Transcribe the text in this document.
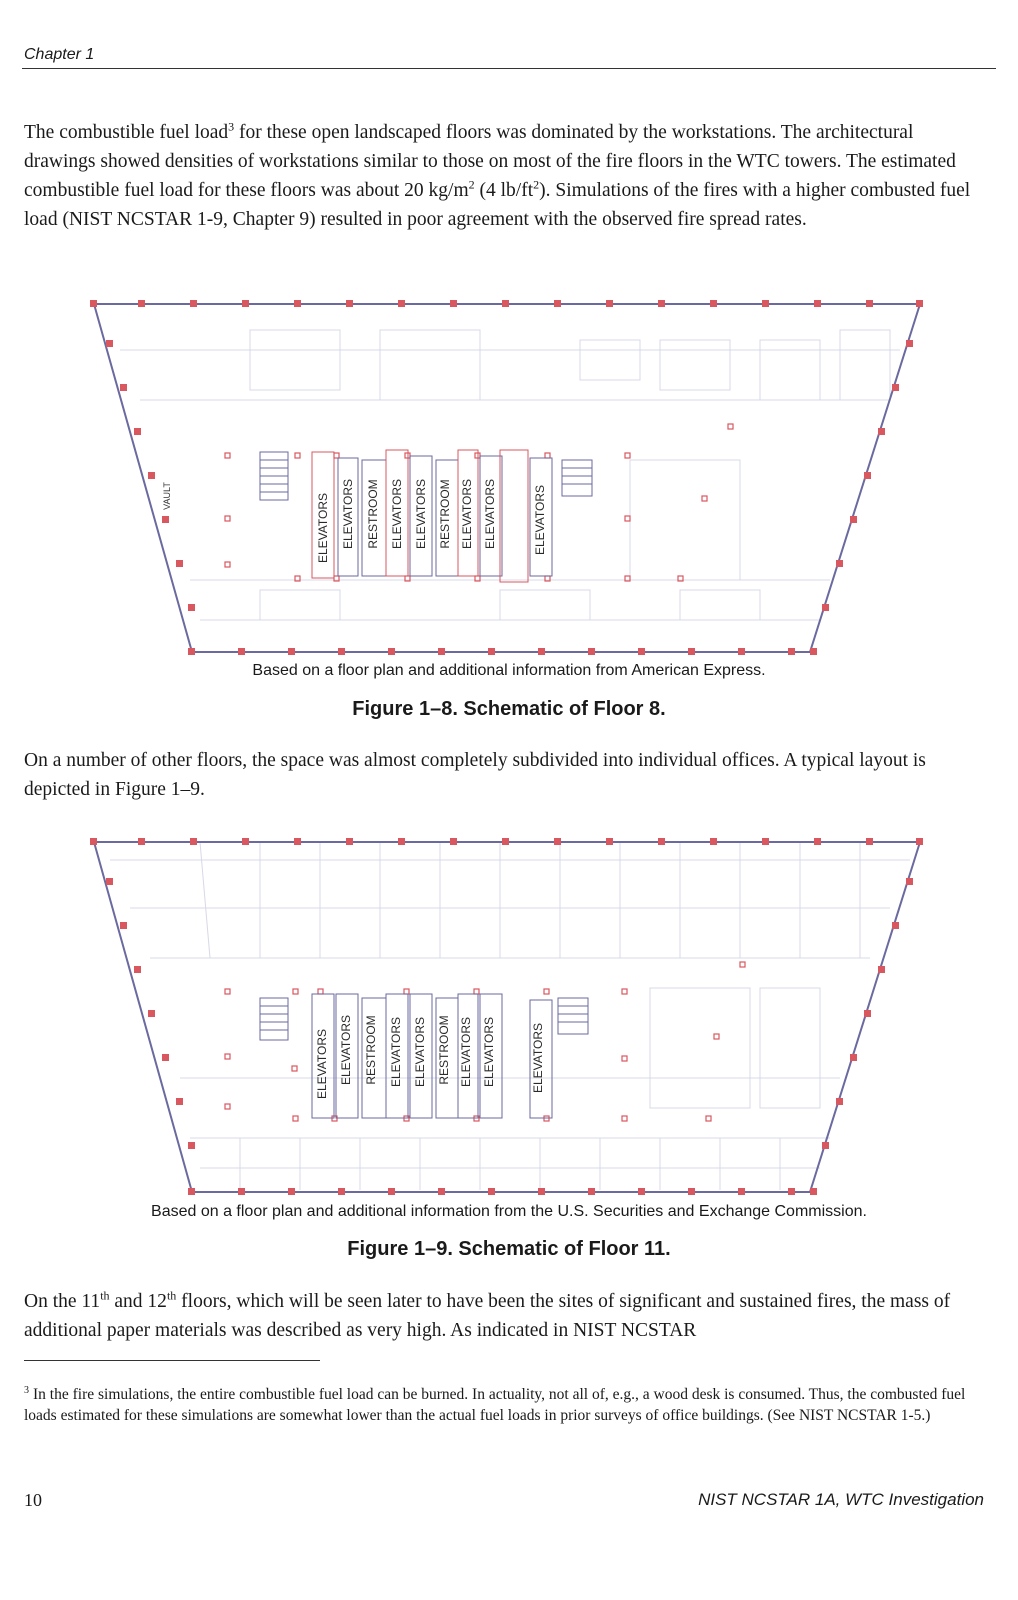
Chapter 1

The combustible fuel load$^3$ for these open landscaped floors was dominated by the workstations. The architectural drawings showed densities of workstations similar to those on most of the fire floors in the WTC towers. The estimated combustible fuel load for these floors was about 20 $kg/m^2$ (4 $lb/ft^2$). Simulations of the fires with a higher combusted fuel load (NIST NCSTAR 1-9, Chapter 9) resulted in poor agreement with the observed fire spread rates.

VAULT	ELEVATORS ELEVATORS RESTROOM ELEVATORS ELEVATORS RESTROOM ELEVATORS ELEVATORS	ELEVATORS
Based on a floor plan and additional information from American Express.
Figure 1–8. Schematic of Floor 8.

On a number of other floors, the space was almost completely subdivided into individual offices. A typical layout is depicted in Figure 1–9.

ELEVATORS ELEVATORS RESTROOM ELEVATORS ELEVATORS RESTROOM ELEVATORS ELEVATORS	ELEVATORS
Based on a floor plan and additional information from the U.S. Securities and Exchange Commission.
Figure 1–9. Schematic of Floor 11.

On the 11th and 12th floors, which will be seen later to have been the sites of significant and sustained fires, the mass of additional paper materials was described as very high. As indicated in NIST NCSTAR

$^3$ In the fire simulations, the entire combustible fuel load can be burned. In actuality, not all of, e.g., a wood desk is consumed. Thus, the combusted fuel loads estimated for these simulations are somewhat lower than the actual fuel loads in prior surveys of office buildings. (See NIST NCSTAR 1-5.)

10	NIST NCSTAR 1A, WTC Investigation
